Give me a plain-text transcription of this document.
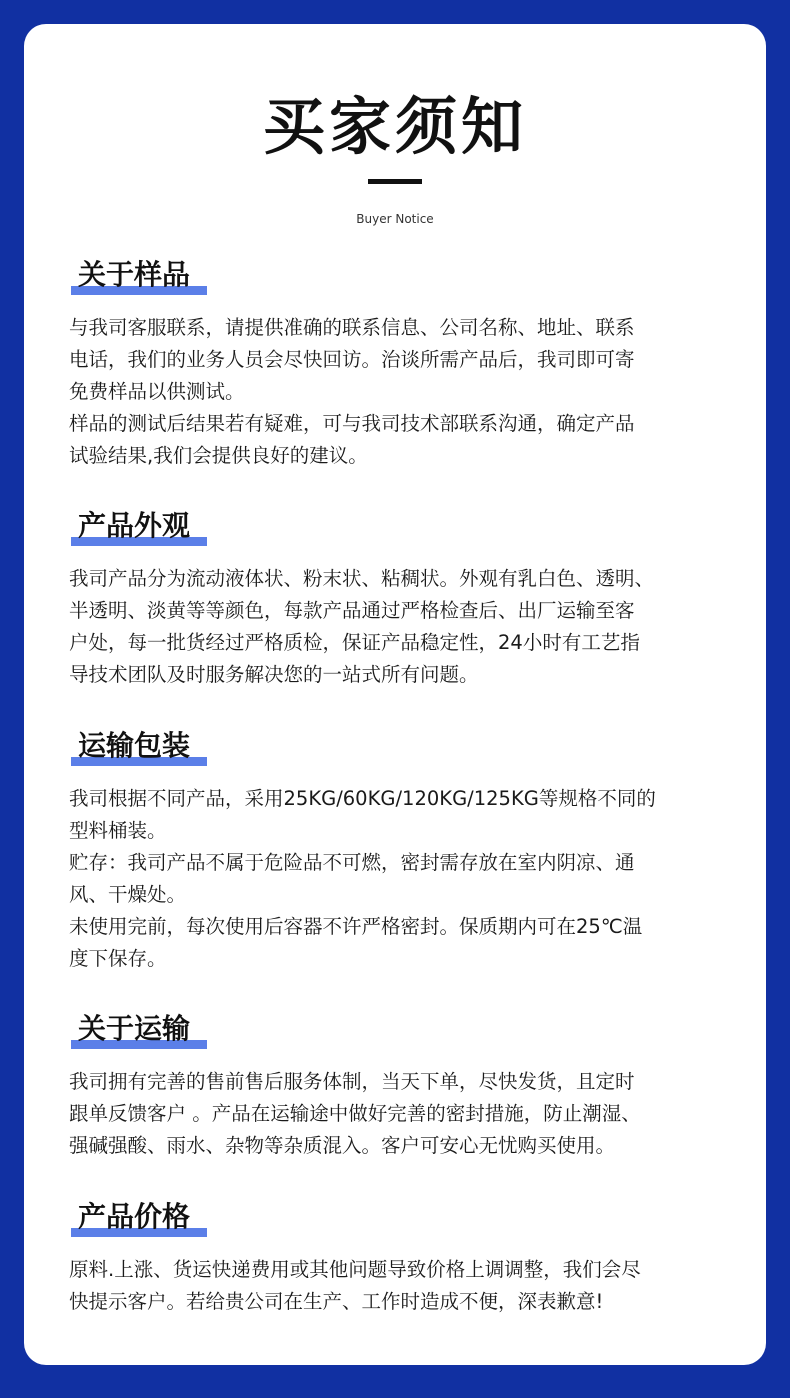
买家须知
Buyer Notice
关于样品

与我司客服联系，请提供准确的联系信息、公司名称、地址、联系

电话，我们的业务人员会尽快回访。治谈所需产品后，我司即可寄

免费样品以供测试。

样品的测试后结果若有疑难，可与我司技术部联系沟通，确定产品

试验结果,我们会提供良好的建议。

产品外观

我司产品分为流动液体状、粉末状、粘稠状。外观有乳白色、透明、

半透明、淡黄等等颜色，每款产品通过严格检查后、出厂运输至客

户处，每一批货经过严格质检，保证产品稳定性，24小时有工艺指

导技术团队及时服务解决您的一站式所有问题。

运输包装

我司根据不同产品，采用25KG/60KG/120KG/125KG等规格不同的

型料桶装。

贮存：我司产品不属于危险品不可燃，密封需存放在室内阴凉、通

风、干燥处。

未使用完前，每次使用后容器不许严格密封。保质期内可在25℃温

度下保存。

关于运输

我司拥有完善的售前售后服务体制，当天下单，尽快发货，且定时

跟单反馈客户 。产品在运输途中做好完善的密封措施，防止潮湿、

强碱强酸、雨水、杂物等杂质混入。客户可安心无忧购买使用。

产品价格

原料.上涨、货运快递费用或其他问题导致价格上调调整，我们会尽

快提示客户。若给贵公司在生产、工作时造成不便，深表歉意!
